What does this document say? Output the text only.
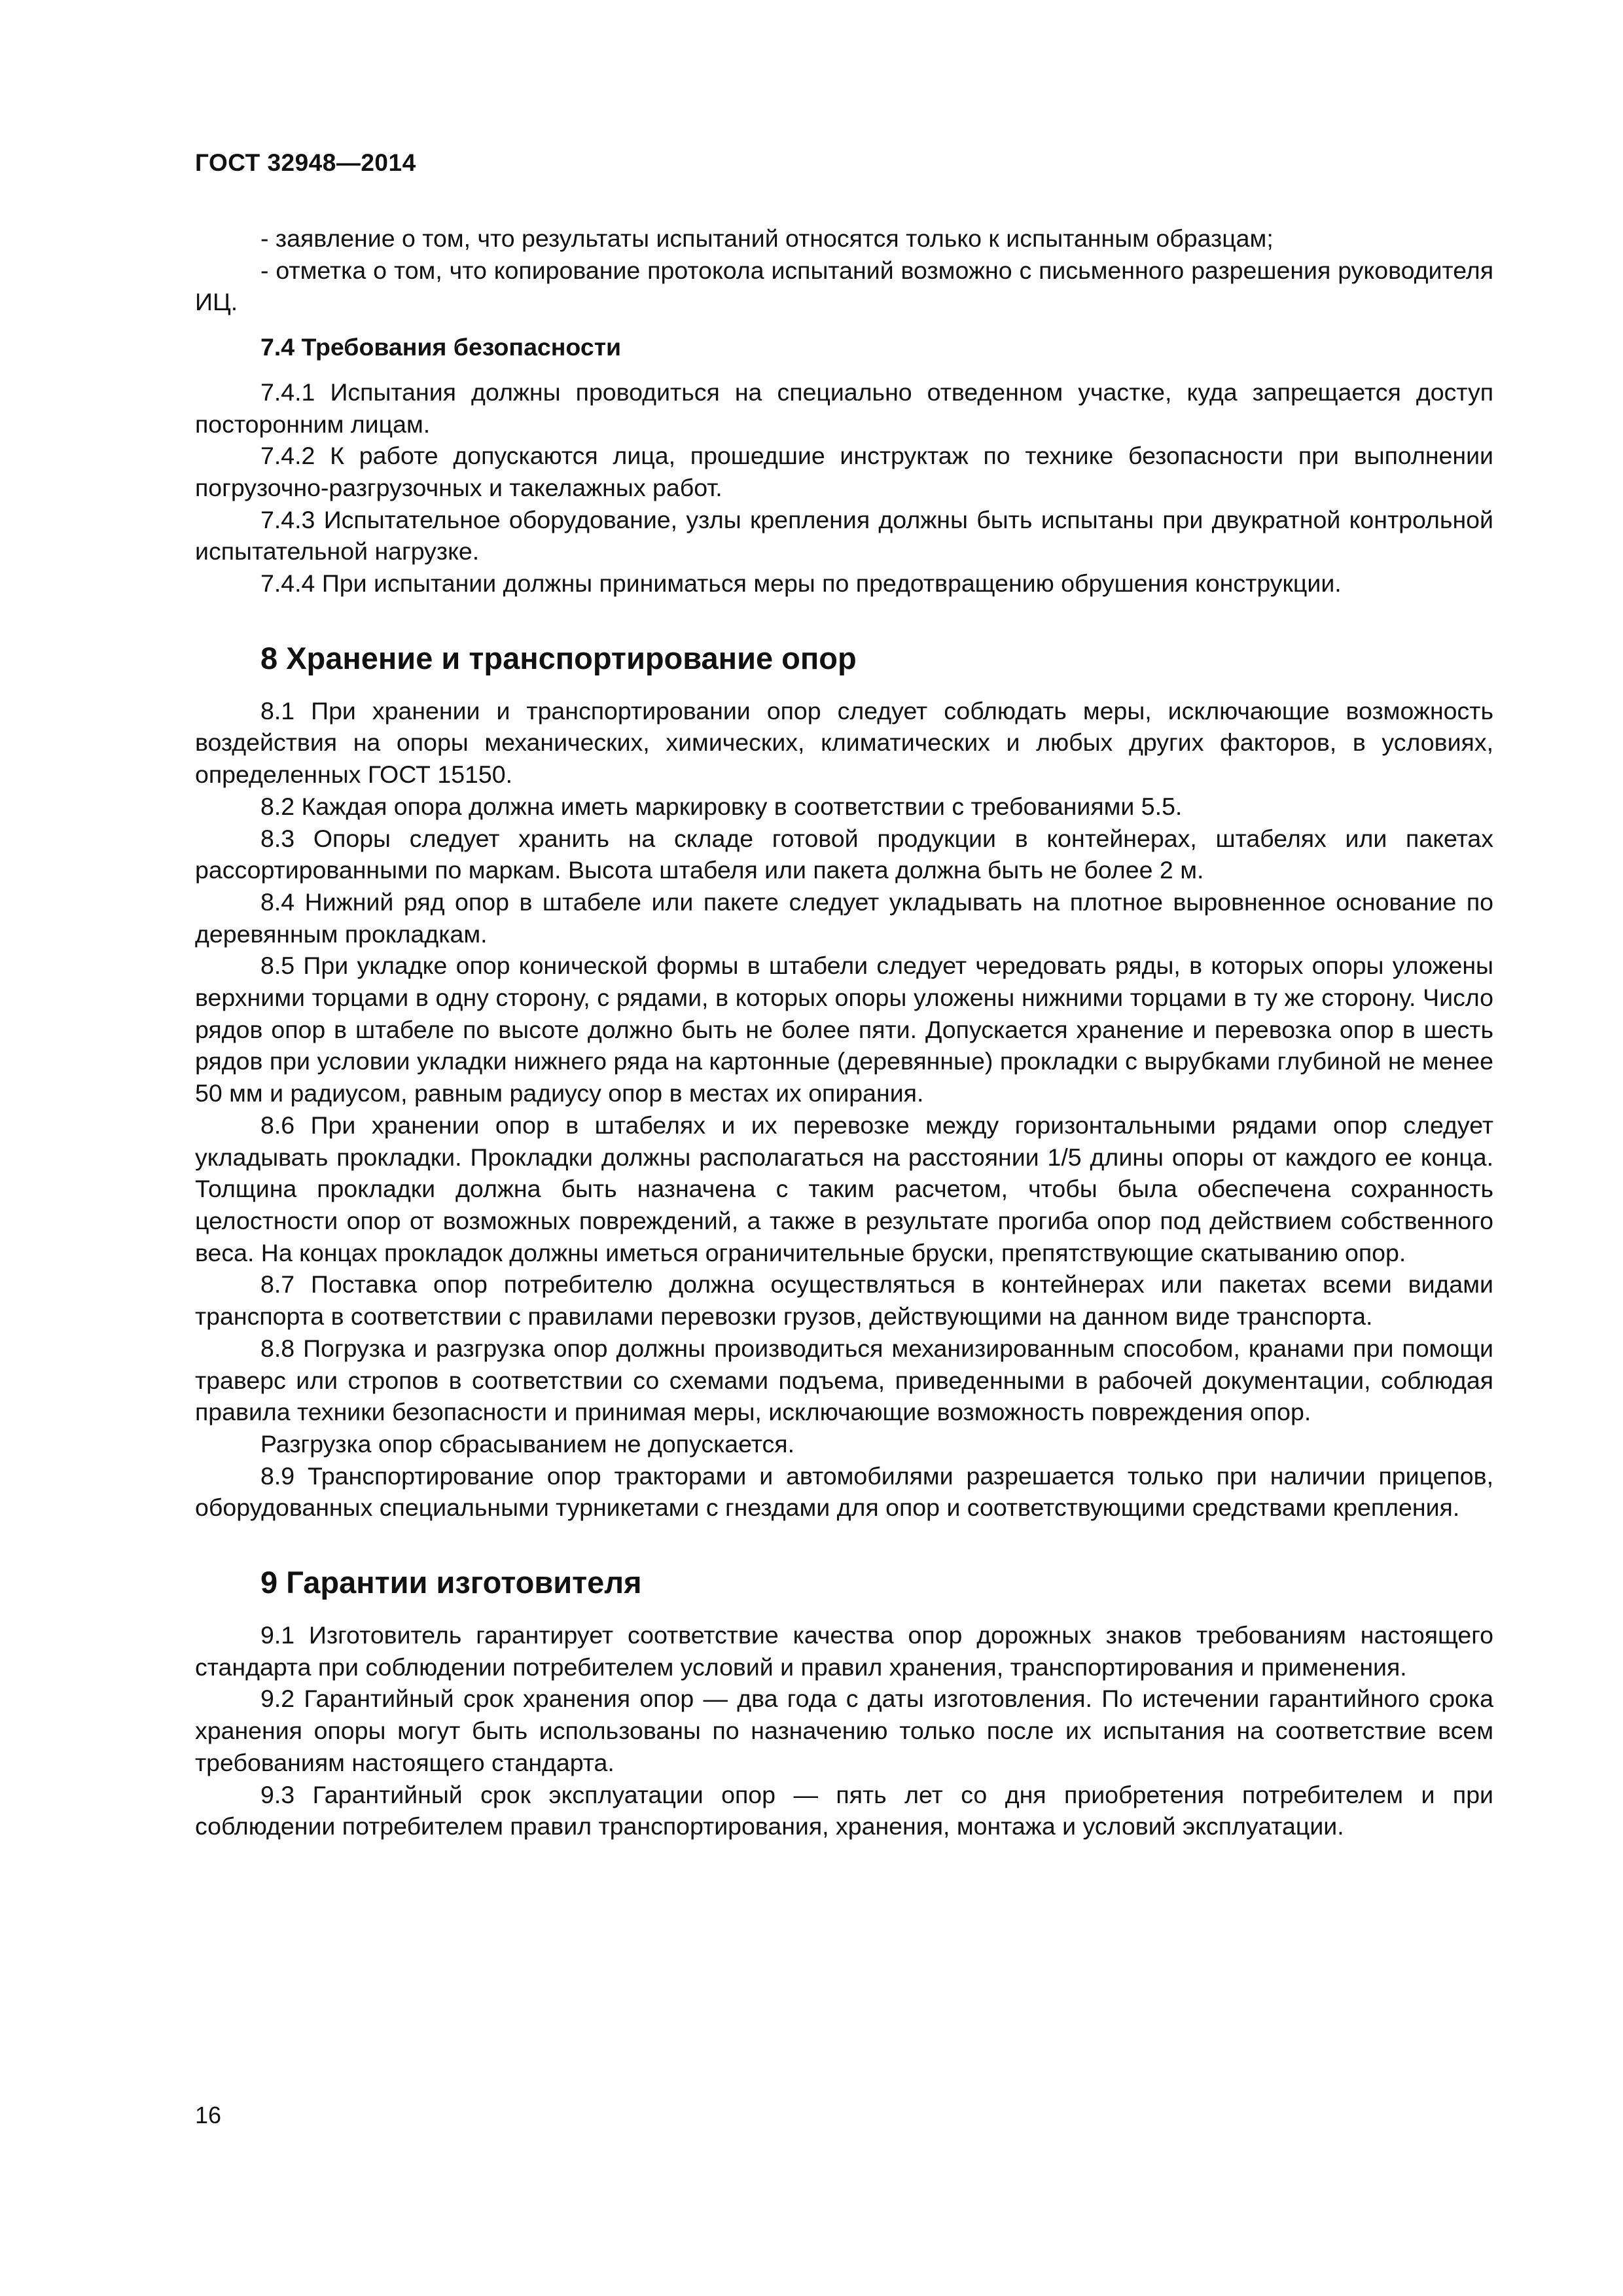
ГОСТ 32948—2014

- заявление о том, что результаты испытаний относятся только к испытанным образцам;

- отметка о том, что копирование протокола испытаний возможно с письменного разрешения руководителя ИЦ.

7.4 Требования безопасности

7.4.1 Испытания должны проводиться на специально отведенном участке, куда запрещается доступ посторонним лицам.

7.4.2 К работе допускаются лица, прошедшие инструктаж по технике безопасности при выполнении погрузочно-разгрузочных и такелажных работ.

7.4.3 Испытательное оборудование, узлы крепления должны быть испытаны при двукратной контрольной испытательной нагрузке.

7.4.4 При испытании должны приниматься меры по предотвращению обрушения конструкции.

8 Хранение и транспортирование опор

8.1 При хранении и транспортировании опор следует соблюдать меры, исключающие возможность воздействия на опоры механических, химических, климатических и любых других факторов, в условиях, определенных ГОСТ 15150.

8.2 Каждая опора должна иметь маркировку в соответствии с требованиями 5.5.

8.3 Опоры следует хранить на складе готовой продукции в контейнерах, штабелях или пакетах рассортированными по маркам. Высота штабеля или пакета должна быть не более 2 м.

8.4 Нижний ряд опор в штабеле или пакете следует укладывать на плотное выровненное основание по деревянным прокладкам.

8.5 При укладке опор конической формы в штабели следует чередовать ряды, в которых опоры уложены верхними торцами в одну сторону, с рядами, в которых опоры уложены нижними торцами в ту же сторону. Число рядов опор в штабеле по высоте должно быть не более пяти. Допускается хранение и перевозка опор в шесть рядов при условии укладки нижнего ряда на картонные (деревянные) прокладки с вырубками глубиной не менее 50 мм и радиусом, равным радиусу опор в местах их опирания.

8.6 При хранении опор в штабелях и их перевозке между горизонтальными рядами опор следует укладывать прокладки. Прокладки должны располагаться на расстоянии 1/5 длины опоры от каждого ее конца. Толщина прокладки должна быть назначена с таким расчетом, чтобы была обеспечена сохранность целостности опор от возможных повреждений, а также в результате прогиба опор под действием собственного веса. На концах прокладок должны иметься ограничительные бруски, препятствующие скатыванию опор.

8.7 Поставка опор потребителю должна осуществляться в контейнерах или пакетах всеми видами транспорта в соответствии с правилами перевозки грузов, действующими на данном виде транспорта.

8.8 Погрузка и разгрузка опор должны производиться механизированным способом, кранами при помощи траверс или стропов в соответствии со схемами подъема, приведенными в рабочей документации, соблюдая правила техники безопасности и принимая меры, исключающие возможность повреждения опор.

Разгрузка опор сбрасыванием не допускается.

8.9 Транспортирование опор тракторами и автомобилями разрешается только при наличии прицепов, оборудованных специальными турникетами с гнездами для опор и соответствующими средствами крепления.

9 Гарантии изготовителя

9.1 Изготовитель гарантирует соответствие качества опор дорожных знаков требованиям настоящего стандарта при соблюдении потребителем условий и правил хранения, транспортирования и применения.

9.2 Гарантийный срок хранения опор — два года с даты изготовления. По истечении гарантийного срока хранения опоры могут быть использованы по назначению только после их испытания на соответствие всем требованиям настоящего стандарта.

9.3 Гарантийный срок эксплуатации опор — пять лет со дня приобретения потребителем и при соблюдении потребителем правил транспортирования, хранения, монтажа и условий эксплуатации.

16
